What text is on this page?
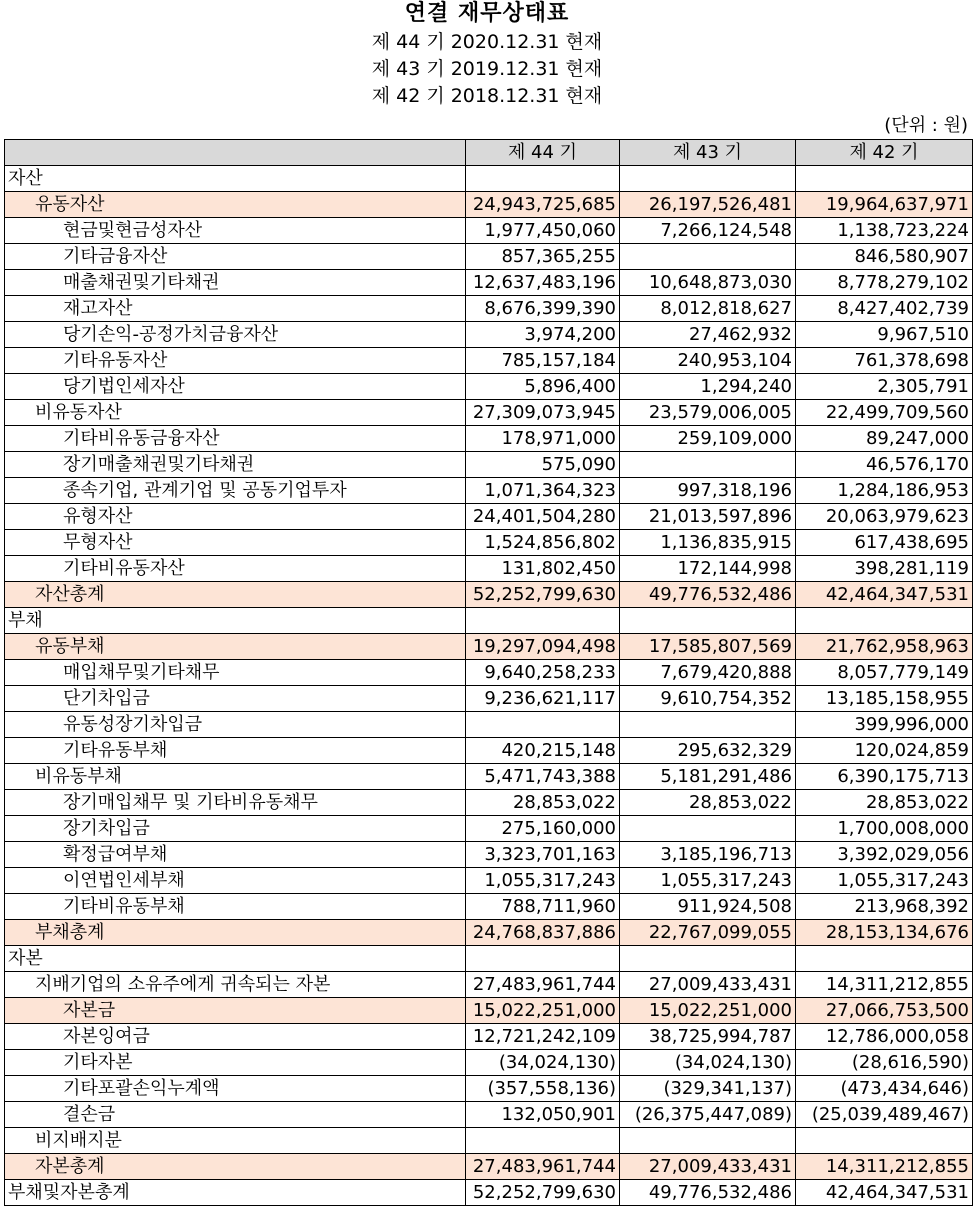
연결 재무상태표
제 44 기 2020.12.31 현재
제 43 기 2019.12.31 현재
제 42 기 2018.12.31 현재
(단위 : 원)
	제 44 기	제 43 기	제 42 기
자산			
유동자산	24,943,725,685	26,197,526,481	19,964,637,971
현금및현금성자산	1,977,450,060	7,266,124,548	1,138,723,224
기타금융자산	857,365,255		846,580,907
매출채권및기타채권	12,637,483,196	10,648,873,030	8,778,279,102
재고자산	8,676,399,390	8,012,818,627	8,427,402,739
당기손익-공정가치금융자산	3,974,200	27,462,932	9,967,510
기타유동자산	785,157,184	240,953,104	761,378,698
당기법인세자산	5,896,400	1,294,240	2,305,791
비유동자산	27,309,073,945	23,579,006,005	22,499,709,560
기타비유동금융자산	178,971,000	259,109,000	89,247,000
장기매출채권및기타채권	575,090		46,576,170
종속기업, 관계기업 및 공동기업투자	1,071,364,323	997,318,196	1,284,186,953
유형자산	24,401,504,280	21,013,597,896	20,063,979,623
무형자산	1,524,856,802	1,136,835,915	617,438,695
기타비유동자산	131,802,450	172,144,998	398,281,119
자산총계	52,252,799,630	49,776,532,486	42,464,347,531
부채			
유동부채	19,297,094,498	17,585,807,569	21,762,958,963
매입채무및기타채무	9,640,258,233	7,679,420,888	8,057,779,149
단기차입금	9,236,621,117	9,610,754,352	13,185,158,955
유동성장기차입금			399,996,000
기타유동부채	420,215,148	295,632,329	120,024,859
비유동부채	5,471,743,388	5,181,291,486	6,390,175,713
장기매입채무 및 기타비유동채무	28,853,022	28,853,022	28,853,022
장기차입금	275,160,000		1,700,008,000
확정급여부채	3,323,701,163	3,185,196,713	3,392,029,056
이연법인세부채	1,055,317,243	1,055,317,243	1,055,317,243
기타비유동부채	788,711,960	911,924,508	213,968,392
부채총계	24,768,837,886	22,767,099,055	28,153,134,676
자본			
지배기업의 소유주에게 귀속되는 자본	27,483,961,744	27,009,433,431	14,311,212,855
자본금	15,022,251,000	15,022,251,000	27,066,753,500
자본잉여금	12,721,242,109	38,725,994,787	12,786,000,058
기타자본	(34,024,130)	(34,024,130)	(28,616,590)
기타포괄손익누계액	(357,558,136)	(329,341,137)	(473,434,646)
결손금	132,050,901	(26,375,447,089)	(25,039,489,467)
비지배지분			
자본총계	27,483,961,744	27,009,433,431	14,311,212,855
부채및자본총계	52,252,799,630	49,776,532,486	42,464,347,531
